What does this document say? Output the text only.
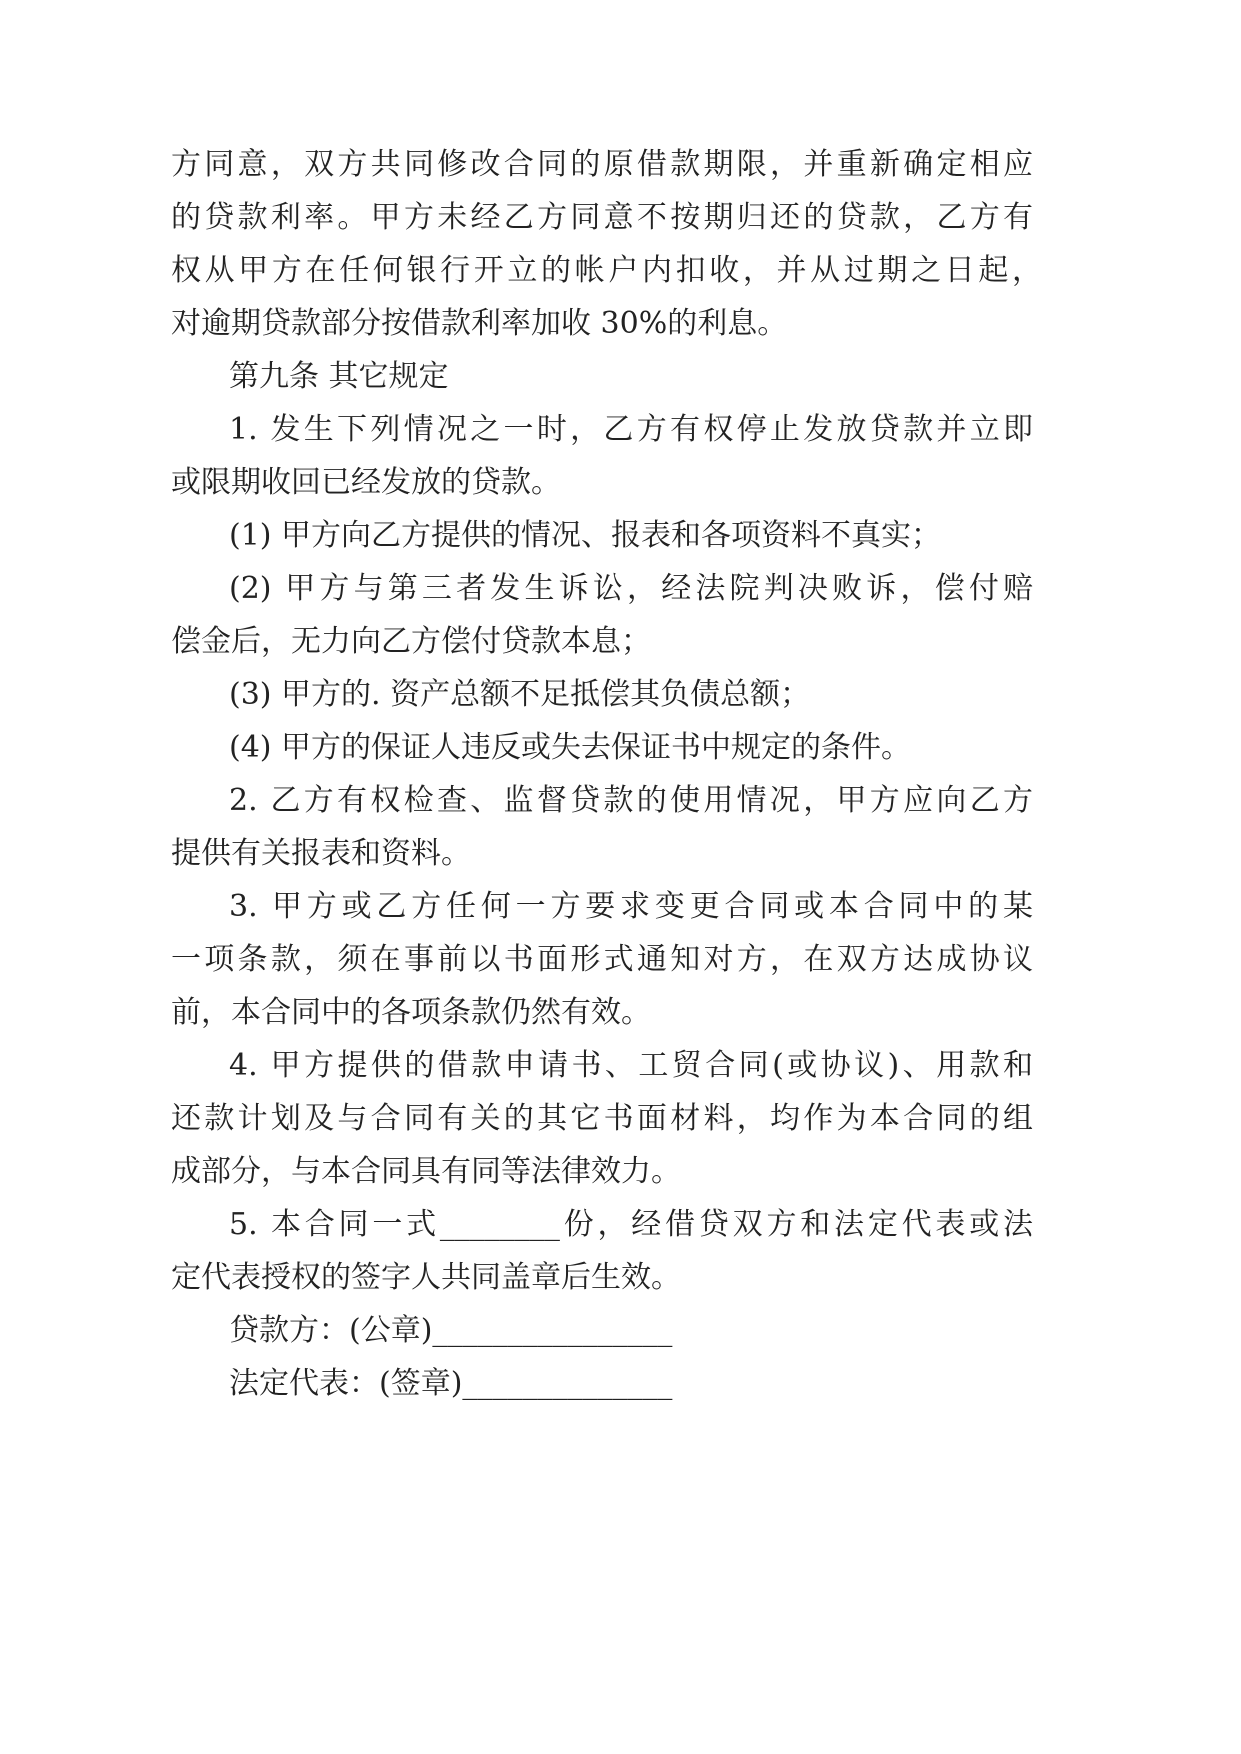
方同意，双方共同修改合同的原借款期限，并重新确定相应
的贷款利率。甲方未经乙方同意不按期归还的贷款，乙方有
权从甲方在任何银行开立的帐户内扣收，并从过期之日起，
对逾期贷款部分按借款利率加收 30%的利息。
第九条 其它规定
1. 发生下列情况之一时，乙方有权停止发放贷款并立即
或限期收回已经发放的贷款。
(1) 甲方向乙方提供的情况、报表和各项资料不真实；
(2) 甲方与第三者发生诉讼，经法院判决败诉，偿付赔
偿金后，无力向乙方偿付贷款本息；
(3) 甲方的. 资产总额不足抵偿其负债总额；
(4) 甲方的保证人违反或失去保证书中规定的条件。
2. 乙方有权检查、监督贷款的使用情况，甲方应向乙方
提供有关报表和资料。
3. 甲方或乙方任何一方要求变更合同或本合同中的某
一项条款，须在事前以书面形式通知对方，在双方达成协议
前，本合同中的各项条款仍然有效。
4. 甲方提供的借款申请书、工贸合同(或协议)、用款和
还款计划及与合同有关的其它书面材料，均作为本合同的组
成部分，与本合同具有同等法律效力。
5. 本合同一式________份，经借贷双方和法定代表或法
定代表授权的签字人共同盖章后生效。
贷款方：(公章)________________
法定代表：(签章)______________
